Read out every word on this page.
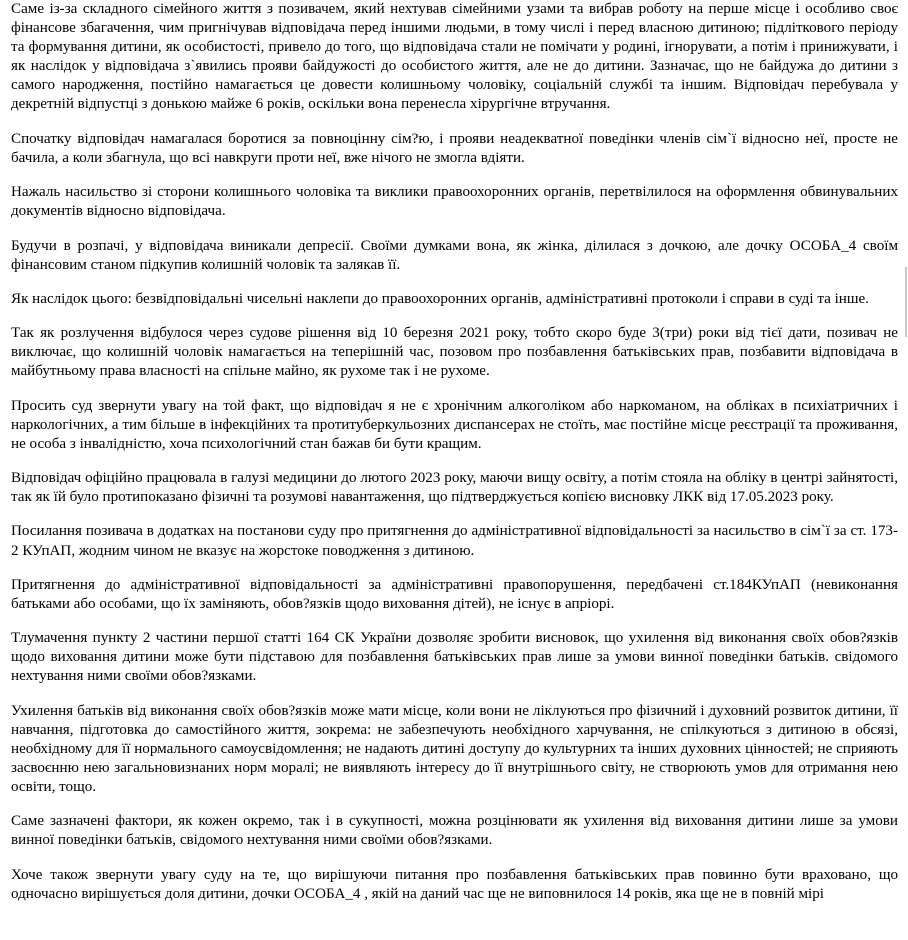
Саме із-за складного сімейного життя з позивачем, який нехтував сімейними узами та вибрав роботу на перше місце і особливо своє фінансове збагачення, чим пригнічував відповідача перед іншими людьми, в тому числі і перед власною дитиною; підліткового періоду та формування дитини, як особистості, привело до того, що відповідача стали не помічати у родині, ігнорувати, а потім і принижувати, і як наслідок у відповідача з`явились прояви байдужості до особистого життя, але не до дитини. Зазначає, що не байдужа до дитини з самого народження, постійно намагається це довести колишньому чоловіку, соціальній службі та іншим. Відповідач перебувала у декретній відпустці з донькою майже 6 років, оскільки вона перенесла хірургічне втручання.

Спочатку відповідач намагалася боротися за повноцінну сім?ю, і прояви неадекватної поведінки членів сім`ї відносно неї, просте не бачила, а коли збагнула, що всі навкруги проти неї, вже нічого не змогла вдіяти.

Нажаль насильство зі сторони колишнього чоловіка та виклики правоохоронних органів, перетвілилося на оформлення обвинувальних документів відносно відповідача.

Будучи в розпачі, у відповідача виникали депресії. Своїми думками вона, як жінка, ділилася з дочкою, але дочку ОСОБА_4 своїм фінансовим станом підкупив колишній чоловік та залякав її.

Як наслідок цього: безвідповідальні чисельні наклепи до правоохоронних органів, адміністративні протоколи і справи в суді та інше.

Так як розлучення відбулося через судове рішення від 10 березня 2021 року, тобто скоро буде 3(три) роки від тієї дати, позивач не виключає, що колишній чоловік намагається на теперішній час, позовом про позбавлення батьківських прав, позбавити відповідача в майбутньому права власності на спільне майно, як рухоме так і не рухоме.

Просить суд звернути увагу на той факт, що відповідач я не є хронічним алкоголіком або наркоманом, на обліках в психіатричних і наркологічних, а тим більше в інфекційних та протитуберкульозних диспансерах не стоїть, має постійне місце реєстрації та проживання, не особа з інвалідністю, хоча психологічний стан бажав би бути кращим.

Відповідач офіційно працювала в галузі медицини до лютого 2023 року, маючи вищу освіту, а потім стояла на обліку в центрі зайнятості, так як їй було протипоказано фізичні та розумові навантаження, що підтверджується копією висновку ЛКК від 17.05.2023 року.

Посилання позивача в додатках на постанови суду про притягнення до адміністративної відповідальності за насильство в сім`ї за ст. 173-2 КУпАП, жодним чином не вказує на жорстоке поводження з дитиною.

Притягнення до адміністративної відповідальності за адміністративні правопорушення, передбачені ст.184КУпАП (невиконання батьками або особами, що їх заміняють, обов?язків щодо виховання дітей), не існує в апріорі.

Тлумачення пункту 2 частини першої статті 164 СК України дозволяє зробити висновок, що ухилення від виконання своїх обов?язків щодо виховання дитини може бути підставою для позбавлення батьківських прав лише за умови винної поведінки батьків. свідомого нехтування ними своїми обов?язками.

Ухилення батьків від виконання своїх обов?язків може мати місце, коли вони не ліклуються про фізичний і духовний розвиток дитини, її навчання, підготовка до самостійного життя, зокрема: не забезпечують необхідного харчування, не спілкуються з дитиною в обсязі, необхідному для її нормального самоусвідомлення; не надають дитині доступу до культурних та інших духовних цінностей; не сприяють засвоєнню нею загальновизнаних норм моралі; не виявляють інтересу до її внутрішнього світу, не створюють умов для отримання нею освіти, тощо.

Саме зазначені фактори, як кожен окремо, так і в сукупності, можна розцінювати як ухилення від виховання дитини лише за умови винної поведінки батьків, свідомого нехтування ними своїми обов?язками.

Хоче також звернути увагу суду на те, що вирішуючи питання про позбавлення батьківських прав повинно бути враховано, що одночасно вирішується доля дитини, дочки ОСОБА_4 , якій на даний час ще не виповнилося 14 років, яка ще не в повній мірі
